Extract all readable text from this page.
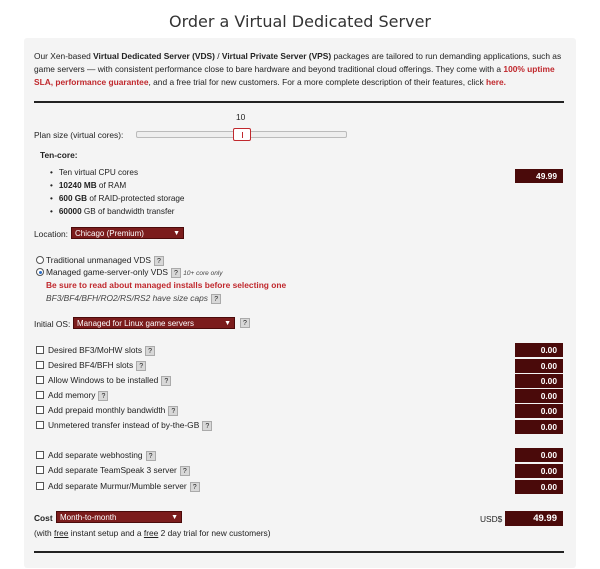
Order a Virtual Dedicated Server
Our Xen-based Virtual Dedicated Server (VDS) / Virtual Private Server (VPS) packages are tailored to run demanding applications, such as game servers — with consistent performance close to bare hardware and beyond traditional cloud offerings. They come with a 100% uptime SLA, performance guarantee, and a free trial for new customers. For a more complete description of their features, click here.
10
Plan size (virtual cores):
Ten-core:
• Ten virtual CPU cores
• 10240 MB of RAM
• 600 GB of RAID-protected storage
• 60000 GB of bandwidth transfer
49.99
Location: Chicago (Premium)	▼
Traditional unmanaged VDS ?
Managed game-server-only VDS ? 10+ core only
Be sure to read about managed installs before selecting one
BF3/BF4/BFH/RO2/RS/RS2 have size caps ?
Initial OS: Managed for Linux game servers	▼	?
Desired BF3/MoHW slots ?	0.00
Desired BF4/BFH slots ?	0.00
Allow Windows to be installed ?	0.00
Add memory ?	0.00
Add prepaid monthly bandwidth ?	0.00
Unmetered transfer instead of by-the-GB ?	0.00
Add separate webhosting ?	0.00
Add separate TeamSpeak 3 server ?	0.00
Add separate Murmur/Mumble server ?	0.00
Cost Month-to-month	▼	USD$	49.99
(with free instant setup and a free 2 day trial for new customers)
